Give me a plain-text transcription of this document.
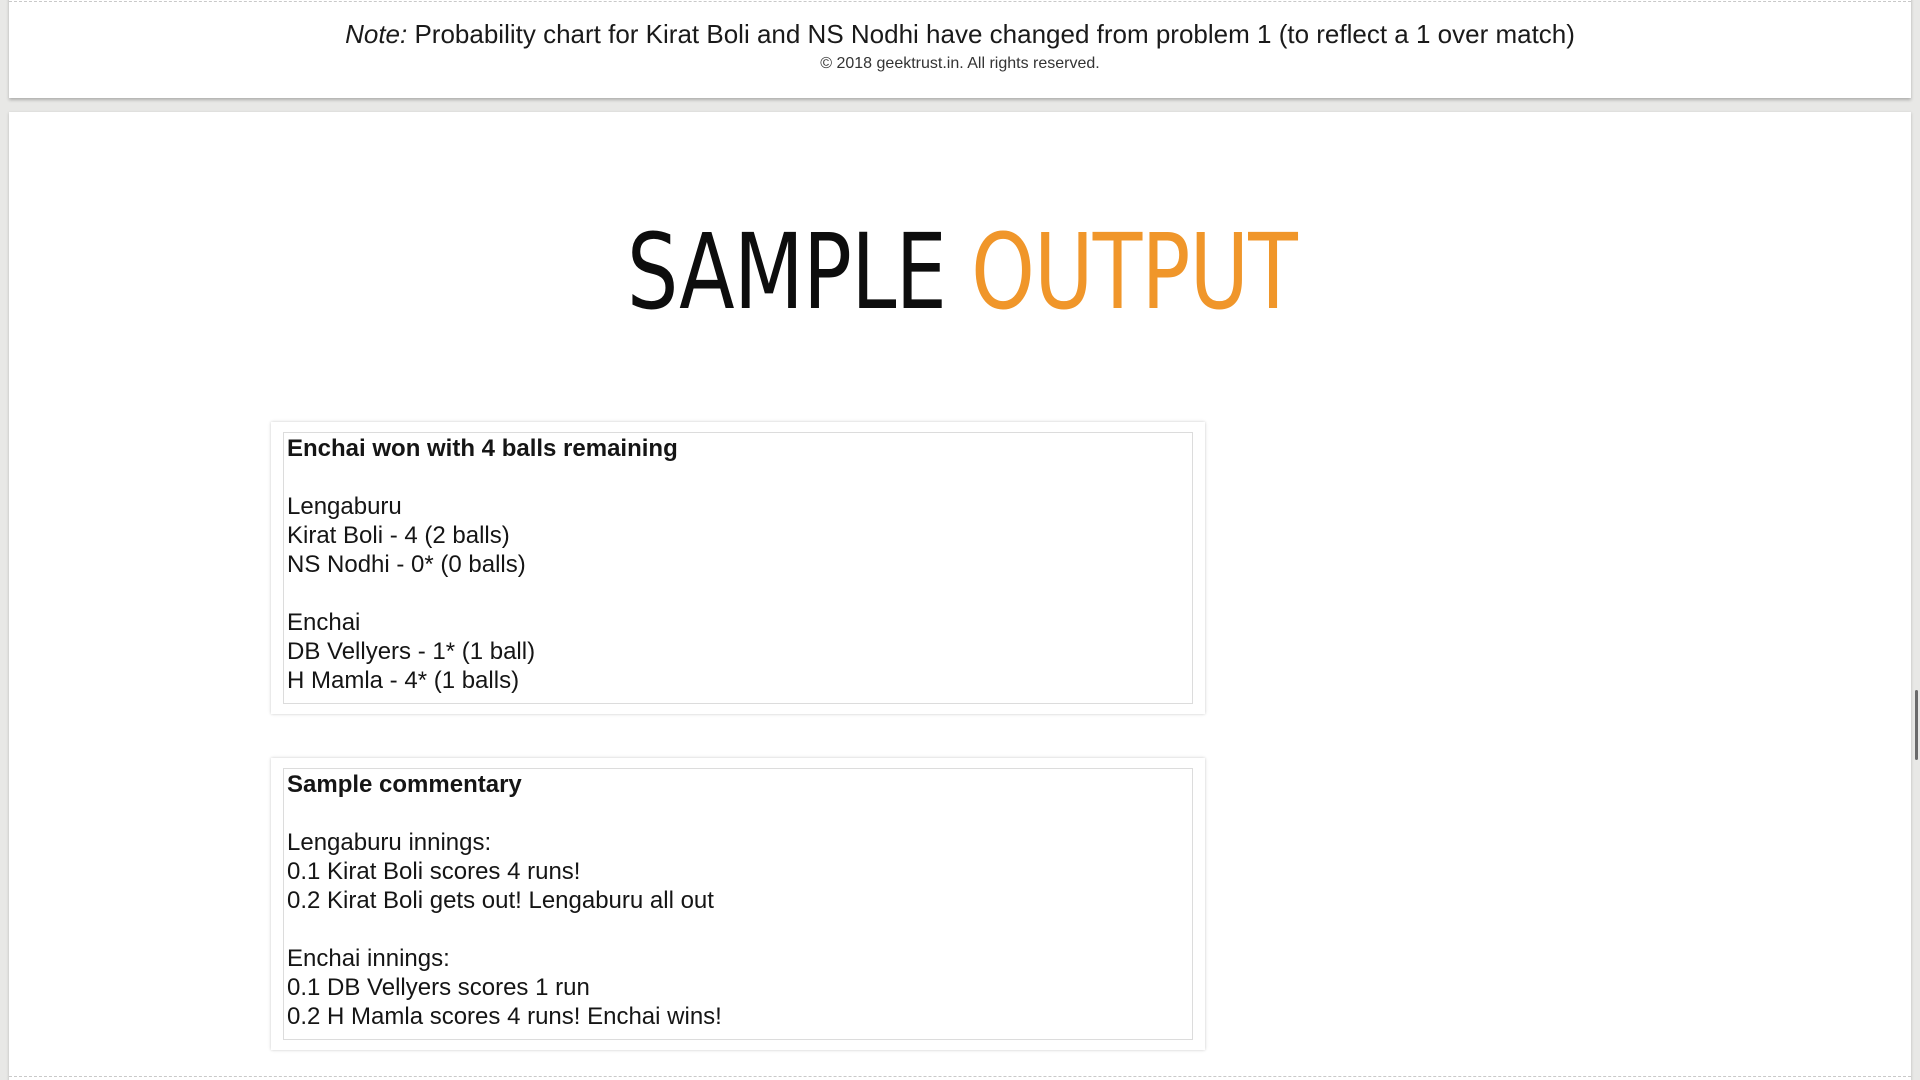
Note: Probability chart for Kirat Boli and NS Nodhi have changed from problem 1 (to reflect a 1 over match)
© 2018 geektrust.in. All rights reserved.
SAMPLE OUTPUT
Enchai won with 4 balls remaining
Lengaburu
Kirat Boli - 4 (2 balls)
NS Nodhi - 0* (0 balls)
Enchai
DB Vellyers - 1* (1 ball)
H Mamla - 4* (1 balls)
Sample commentary
Lengaburu innings:
0.1 Kirat Boli scores 4 runs!
0.2 Kirat Boli gets out! Lengaburu all out
Enchai innings:
0.1 DB Vellyers scores 1 run
0.2 H Mamla scores 4 runs! Enchai wins!
